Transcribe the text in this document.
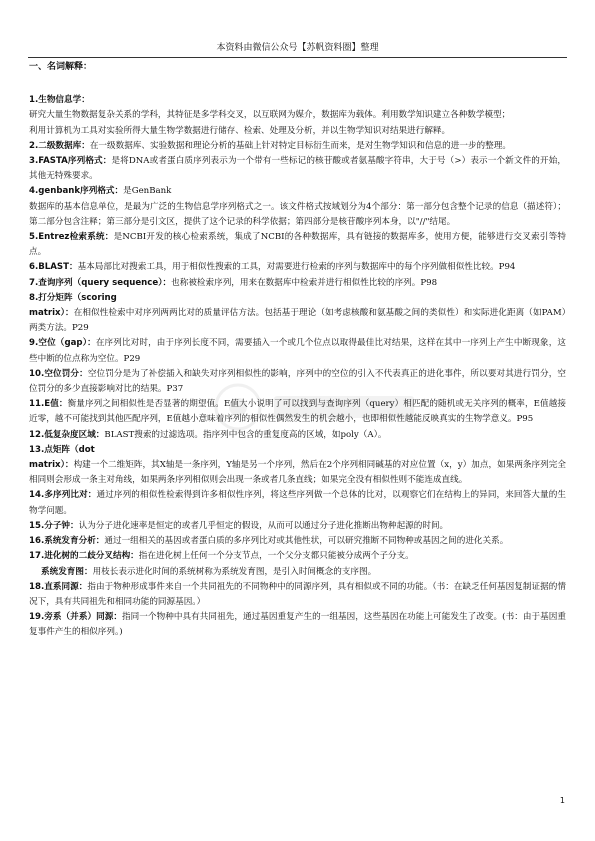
本资料由微信公众号【苏帆资料圈】整理
一、名词解释：

1.生物信息学：

研究大量生物数据复杂关系的学科，其特征是多学科交叉，以互联网为媒介，数据库为载体。利用数学知识建立各种数学模型；

利用计算机为工具对实验所得大量生物学数据进行储存、检索、处理及分析，并以生物学知识对结果进行解释。

2.二级数据库：在一级数据库、实验数据和理论分析的基础上针对特定目标衍生而来，是对生物学知识和信息的进一步的整理。

3.FASTA序列格式：是将DNA或者蛋白质序列表示为一个带有一些标记的核苷酸或者氨基酸字符串，大于号（>）表示一个新文件的开始，其他无特殊要求。

4.genbank序列格式：是GenBank

数据库的基本信息单位，是最为广泛的生物信息学序列格式之一。该文件格式按域划分为4个部分：第一部分包含整个记录的信息（描述符）；第二部分包含注释；第三部分是引文区，提供了这个记录的科学依据；第四部分是核苷酸序列本身，以"//"结尾。

5.Entrez检索系统：是NCBI开发的核心检索系统，集成了NCBI的各种数据库，具有链接的数据库多，使用方便，能够进行交叉索引等特点。

6.BLAST：基本局部比对搜索工具，用于相似性搜索的工具，对需要进行检索的序列与数据库中的每个序列做相似性比较。P94

7.查询序列（query sequence）：也称被检索序列，用来在数据库中检索并进行相似性比较的序列。P98

8.打分矩阵（scoring

matrix）：在相似性检索中对序列两两比对的质量评估方法。包括基于理论（如考虑核酸和氨基酸之间的类似性）和实际进化距离（如PAM）两类方法。P29

9.空位（gap）：在序列比对时，由于序列长度不同，需要插入一个或几个位点以取得最佳比对结果，这样在其中一序列上产生中断现象，这些中断的位点称为空位。P29

10.空位罚分：空位罚分是为了补偿插入和缺失对序列相似性的影响，序列中的空位的引入不代表真正的进化事件，所以要对其进行罚分，空位罚分的多少直接影响对比的结果。P37

11.E值：衡量序列之间相似性是否显著的期望值。E值大小说明了可以找到与查询序列（query）相匹配的随机或无关序列的概率，E值越接近零，越不可能找到其他匹配序列，E值越小意味着序列的相似性偶然发生的机会越小，也即相似性越能反映真实的生物学意义。P95

12.低复杂度区域：BLAST搜索的过滤选项。指序列中包含的重复度高的区域，如poly（A）。

13.点矩阵（dot

matrix）：构建一个二维矩阵，其X轴是一条序列，Y轴是另一个序列，然后在2个序列相同碱基的对应位置（x，y）加点，如果两条序列完全相同则会形成一条主对角线，如果两条序列相似则会出现一条或者几条直线；如果完全没有相似性则不能连成直线。

14.多序列比对：通过序列的相似性检索得到许多相似性序列，将这些序列做一个总体的比对，以观察它们在结构上的异同，来回答大量的生物学问题。

15.分子钟：认为分子进化速率是恒定的或者几乎恒定的假设，从而可以通过分子进化推断出物种起源的时间。

16.系统发育分析：通过一组相关的基因或者蛋白质的多序列比对或其他性状，可以研究推断不同物种或基因之间的进化关系。

17.进化树的二歧分叉结构：指在进化树上任何一个分支节点，一个父分支都只能被分成两个子分支。

系统发育图：用枝长表示进化时间的系统树称为系统发育图，是引入时间概念的支序图。

18.直系同源：指由于物种形成事件来自一个共同祖先的不同物种中的同源序列，具有相似或不同的功能。（书：在缺乏任何基因复制证据的情况下，具有共同祖先和相同功能的同源基因。）

19.旁系（并系）同源：指同一个物种中具有共同祖先，通过基因重复产生的一组基因，这些基因在功能上可能发生了改变。(书：由于基因重复事件产生的相似序列。)

1
